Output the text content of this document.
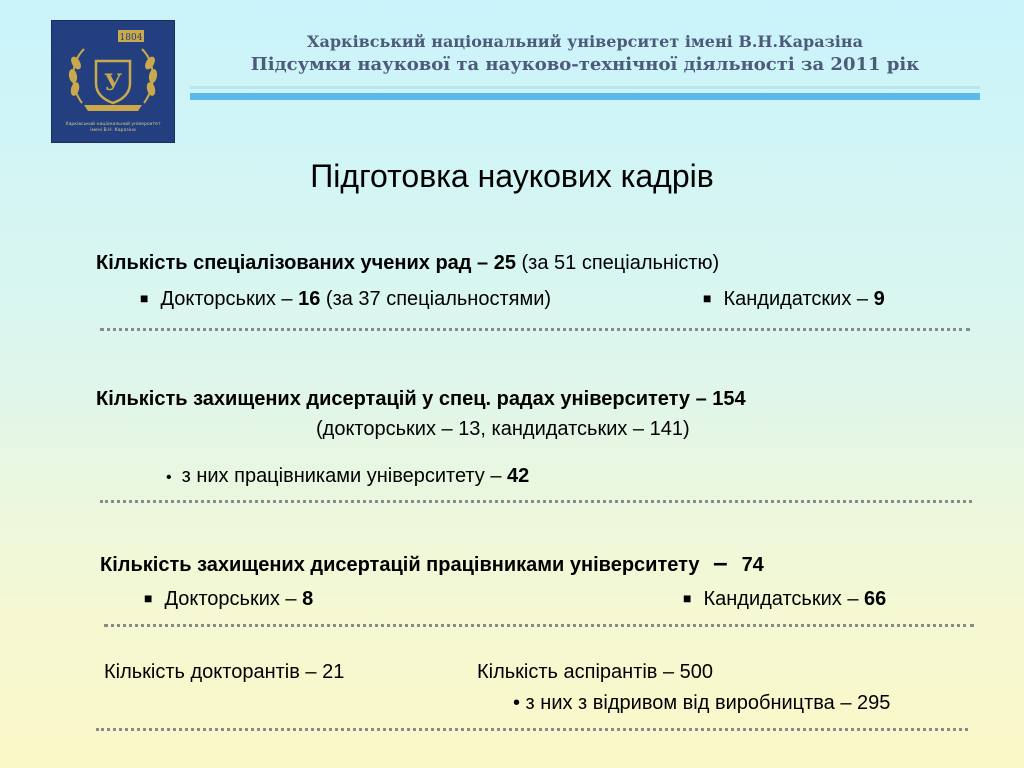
1804
У
Харківський національний університет
імені В.Н. Каразіна
Харківський національний університет імені В.Н.Каразіна
Підсумки наукової та науково-технічної діяльності за 2011 рік
Підготовка наукових кадрів
Кількість спеціалізованих учених рад – 25 (за 51 спеціальністю)
■ Докторських – 16 (за 37 спеціальностями)	■ Кандидатских – 9
Кількість захищених дисертацій у спец. радах університету – 154
(докторських – 13, кандидатських – 141)
• з них працівниками університету – 42
Кількість захищених дисертацій працівниками університету – 74
■ Докторських – 8	■ Кандидатських – 66
Кількість докторантів – 21	Кількість аспірантів – 500
• з них з відривом від виробництва – 295
